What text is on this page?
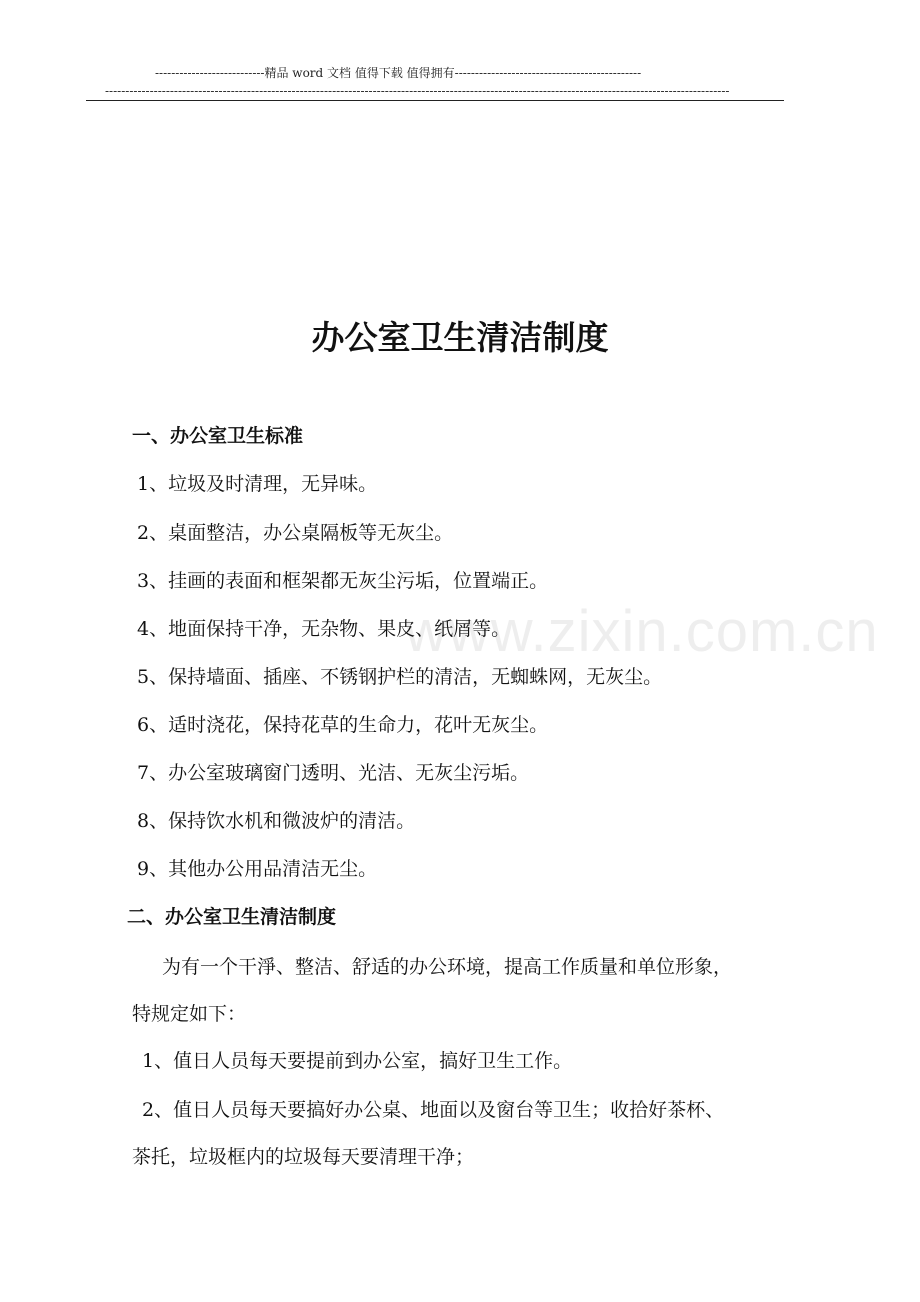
---------------------------精品 word 文档 值得下载 值得拥有----------------------------------------------
----------------------------------------------------------------------------------------------------------------------------------------------------------
www.zixin.com.cn
办公室卫生清洁制度
一、办公室卫生标准
1、垃圾及时清理，无异味。
2、桌面整洁，办公桌隔板等无灰尘。
3、挂画的表面和框架都无灰尘污垢，位置端正。
4、地面保持干净，无杂物、果皮、纸屑等。
5、保持墙面、插座、不锈钢护栏的清洁，无蜘蛛网，无灰尘。
6、适时浇花，保持花草的生命力，花叶无灰尘。
7、办公室玻璃窗门透明、光洁、无灰尘污垢。
8、保持饮水机和微波炉的清洁。
9、其他办公用品清洁无尘。
二、办公室卫生清洁制度
为有一个干淨、整洁、舒适的办公环境，提高工作质量和单位形象，
特规定如下：
1、值日人员每天要提前到办公室，搞好卫生工作。
2、值日人员每天要搞好办公桌、地面以及窗台等卫生；收拾好茶杯、
茶托，垃圾框内的垃圾每天要清理干净；
